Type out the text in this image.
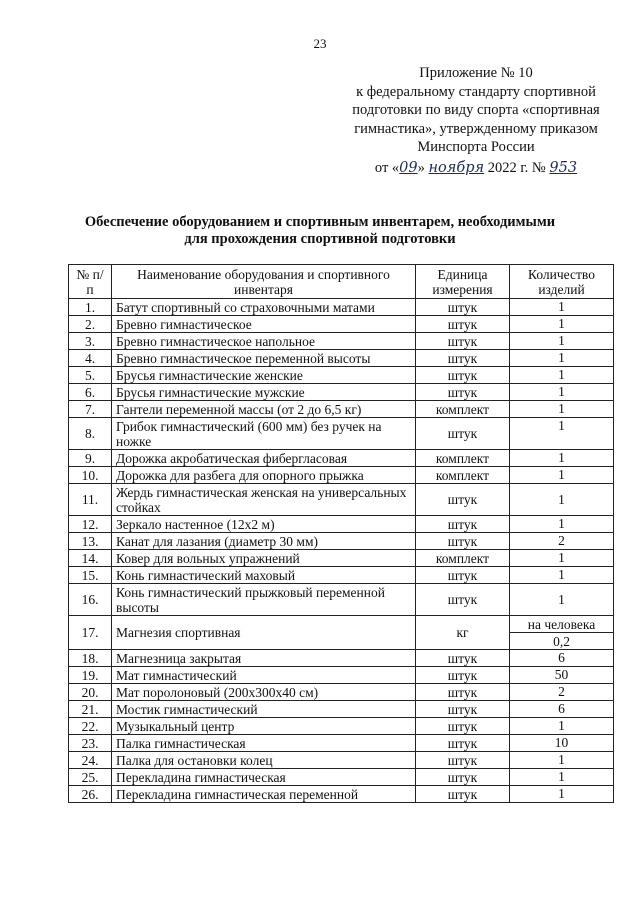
23
Приложение № 10
к федеральному стандарту спортивной
подготовки по виду спорта «спортивная
гимнастика», утвержденному приказом
Минспорта России
от «09» ноября 2022 г. № 953
Обеспечение оборудованием и спортивным инвентарем, необходимыми
для прохождения спортивной подготовки
№ п/п	Наименование оборудования и спортивного инвентаря	Единица измерения	Количество изделий
1.	Батут спортивный со страховочными матами	штук	1
2.	Бревно гимнастическое	штук	1
3.	Бревно гимнастическое напольное	штук	1
4.	Бревно гимнастическое переменной высоты	штук	1
5.	Брусья гимнастические женские	штук	1
6.	Брусья гимнастические мужские	штук	1
7.	Гантели переменной массы (от 2 до 6,5 кг)	комплект	1
8.	Грибок гимнастический (600 мм) без ручек на ножке	штук	1
9.	Дорожка акробатическая фибергласовая	комплект	1
10.	Дорожка для разбега для опорного прыжка	комплект	1
11.	Жердь гимнастическая женская на универсальных стойках	штук	1
12.	Зеркало настенное (12x2 м)	штук	1
13.	Канат для лазания (диаметр 30 мм)	штук	2
14.	Ковер для вольных упражнений	комплект	1
15.	Конь гимнастический маховый	штук	1
16.	Конь гимнастический прыжковый переменной высоты	штук	1
17.	Магнезия спортивная	кг	на человека
			0,2
18.	Магнезница закрытая	штук	6
19.	Мат гимнастический	штук	50
20.	Мат поролоновый (200x300x40 см)	штук	2
21.	Мостик гимнастический	штук	6
22.	Музыкальный центр	штук	1
23.	Палка гимнастическая	штук	10
24.	Палка для остановки колец	штук	1
25.	Перекладина гимнастическая	штук	1
26.	Перекладина гимнастическая переменной	штук	1
